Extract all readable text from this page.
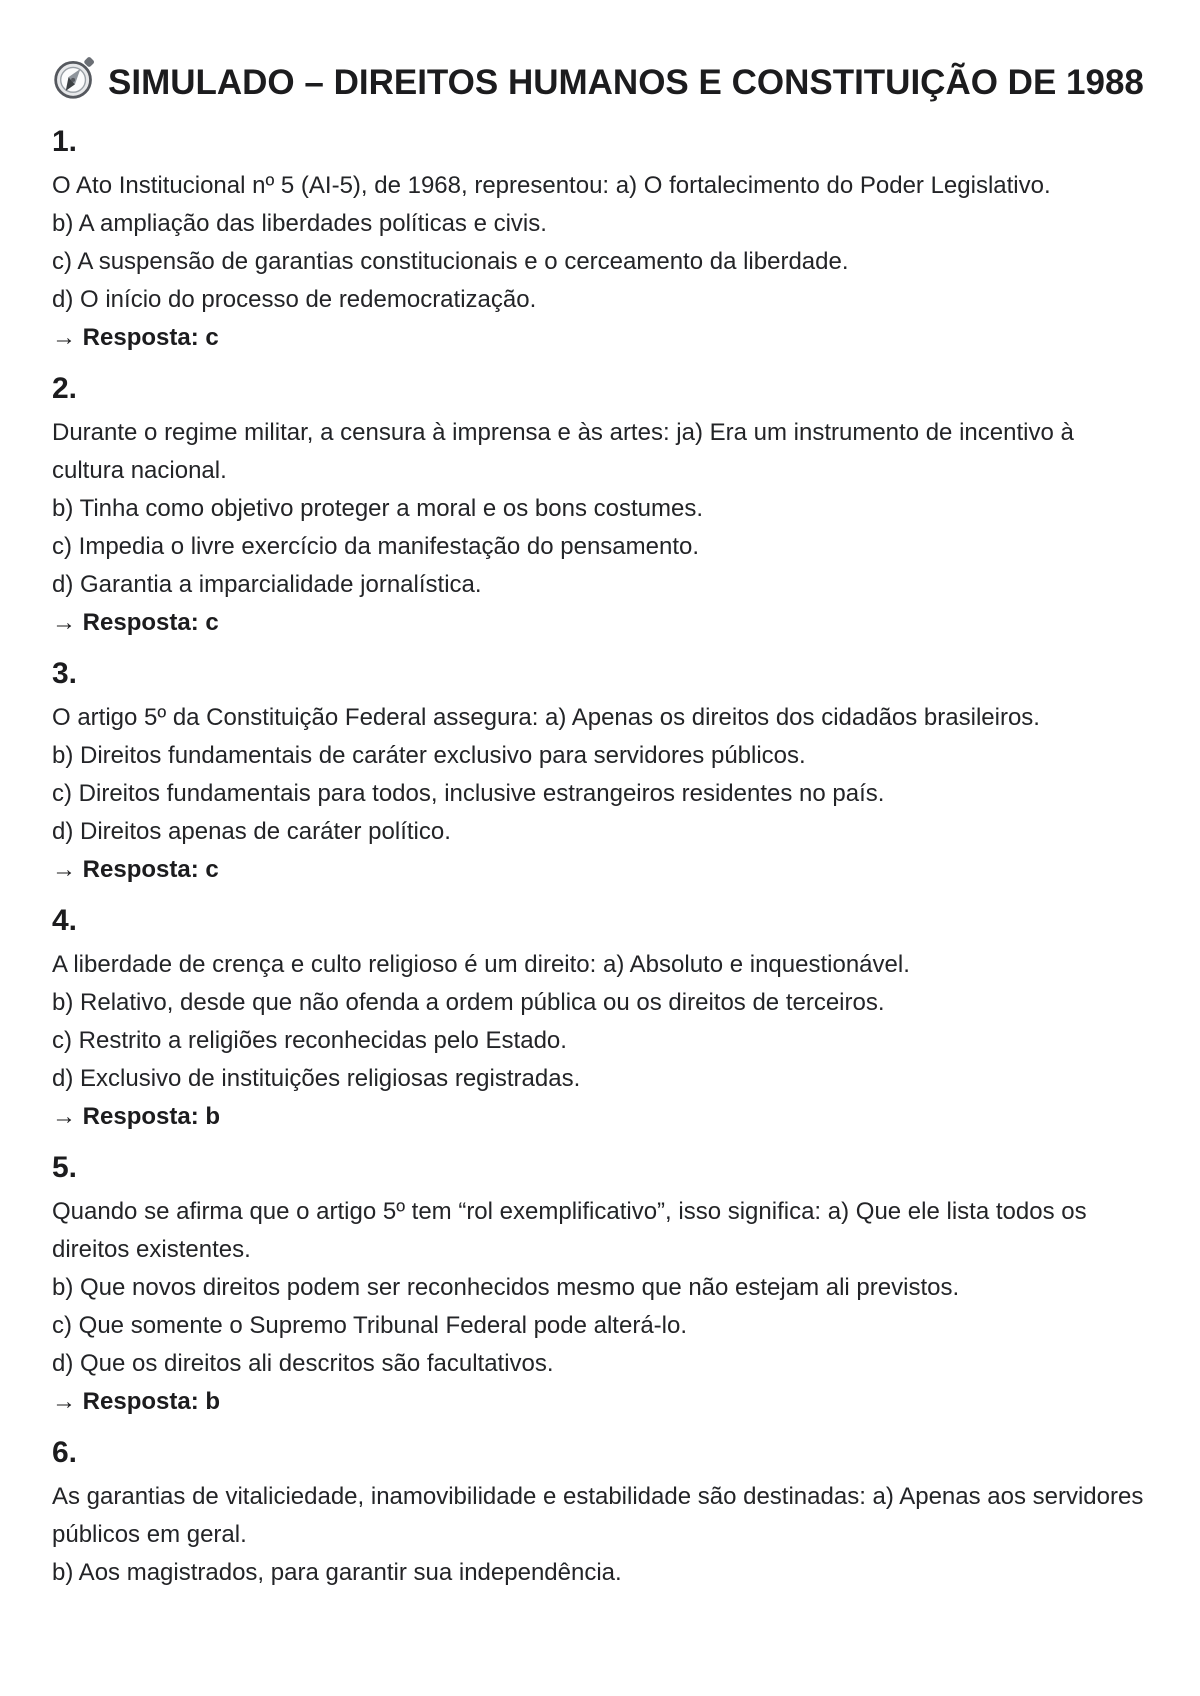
SIMULADO – DIREITOS HUMANOS E CONSTITUIÇÃO DE 1988
1.

O Ato Institucional nº 5 (AI-5), de 1968, representou: a) O fortalecimento do Poder Legislativo.

b) A ampliação das liberdades políticas e civis.

c) A suspensão de garantias constitucionais e o cerceamento da liberdade.

d) O início do processo de redemocratização.

→ Resposta: c

2.

Durante o regime militar, a censura à imprensa e às artes: ja) Era um instrumento de incentivo à cultura nacional.

b) Tinha como objetivo proteger a moral e os bons costumes.

c) Impedia o livre exercício da manifestação do pensamento.

d) Garantia a imparcialidade jornalística.

→ Resposta: c

3.

O artigo 5º da Constituição Federal assegura: a) Apenas os direitos dos cidadãos brasileiros.

b) Direitos fundamentais de caráter exclusivo para servidores públicos.

c) Direitos fundamentais para todos, inclusive estrangeiros residentes no país.

d) Direitos apenas de caráter político.

→ Resposta: c

4.

A liberdade de crença e culto religioso é um direito: a) Absoluto e inquestionável.

b) Relativo, desde que não ofenda a ordem pública ou os direitos de terceiros.

c) Restrito a religiões reconhecidas pelo Estado.

d) Exclusivo de instituições religiosas registradas.

→ Resposta: b

5.

Quando se afirma que o artigo 5º tem “rol exemplificativo”, isso significa: a) Que ele lista todos os direitos existentes.

b) Que novos direitos podem ser reconhecidos mesmo que não estejam ali previstos.

c) Que somente o Supremo Tribunal Federal pode alterá-lo.

d) Que os direitos ali descritos são facultativos.

→ Resposta: b

6.

As garantias de vitaliciedade, inamovibilidade e estabilidade são destinadas: a) Apenas aos servidores públicos em geral.

b) Aos magistrados, para garantir sua independência.
